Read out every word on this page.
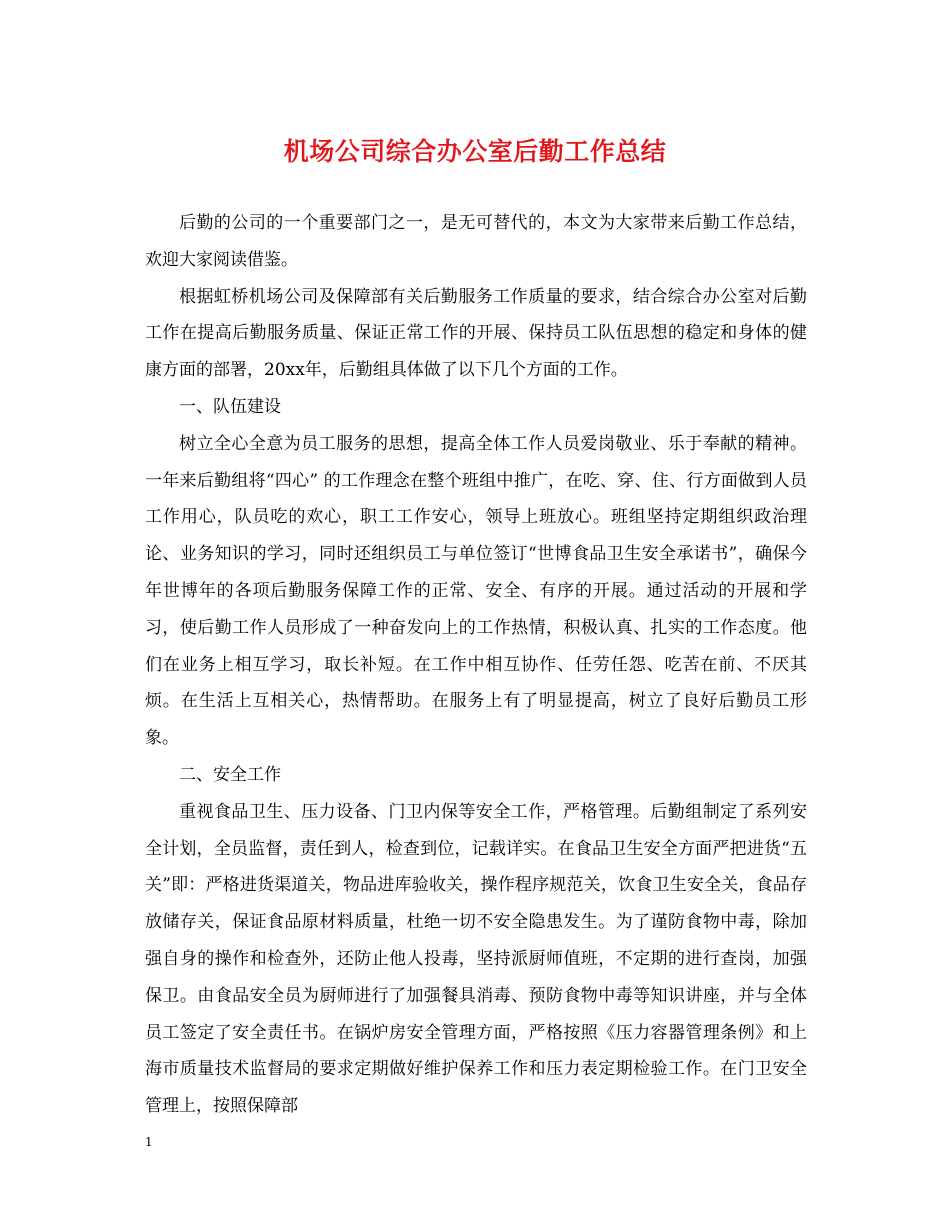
机场公司综合办公室后勤工作总结

后勤的公司的一个重要部门之一，是无可替代的，本文为大家带来后勤工作总结，欢迎大家阅读借鉴。

根据虹桥机场公司及保障部有关后勤服务工作质量的要求，结合综合办公室对后勤工作在提高后勤服务质量、保证正常工作的开展、保持员工队伍思想的稳定和身体的健康方面的部署，20xx年，后勤组具体做了以下几个方面的工作。

一、队伍建设

树立全心全意为员工服务的思想，提高全体工作人员爱岗敬业、乐于奉献的精神。一年来后勤组将“四心” 的工作理念在整个班组中推广，在吃、穿、住、行方面做到人员工作用心，队员吃的欢心，职工工作安心，领导上班放心。班组坚持定期组织政治理论、业务知识的学习，同时还组织员工与单位签订“世博食品卫生安全承诺书”，确保今年世博年的各项后勤服务保障工作的正常、安全、有序的开展。通过活动的开展和学习，使后勤工作人员形成了一种奋发向上的工作热情，积极认真、扎实的工作态度。他们在业务上相互学习，取长补短。在工作中相互协作、任劳任怨、吃苦在前、不厌其烦。在生活上互相关心，热情帮助。在服务上有了明显提高，树立了良好后勤员工形象。

二、安全工作

重视食品卫生、压力设备、门卫内保等安全工作，严格管理。后勤组制定了系列安全计划，全员监督，责任到人，检查到位，记载详实。在食品卫生安全方面严把进货“五关”即：严格进货渠道关，物品进库验收关，操作程序规范关，饮食卫生安全关，食品存放储存关，保证食品原材料质量，杜绝一切不安全隐患发生。为了谨防食物中毒，除加强自身的操作和检查外，还防止他人投毒，坚持派厨师值班，不定期的进行查岗，加强保卫。由食品安全员为厨师进行了加强餐具消毒、预防食物中毒等知识讲座，并与全体员工签定了安全责任书。在锅炉房安全管理方面，严格按照《压力容器管理条例》和上海市质量技术监督局的要求定期做好维护保养工作和压力表定期检验工作。在门卫安全管理上，按照保障部

1
